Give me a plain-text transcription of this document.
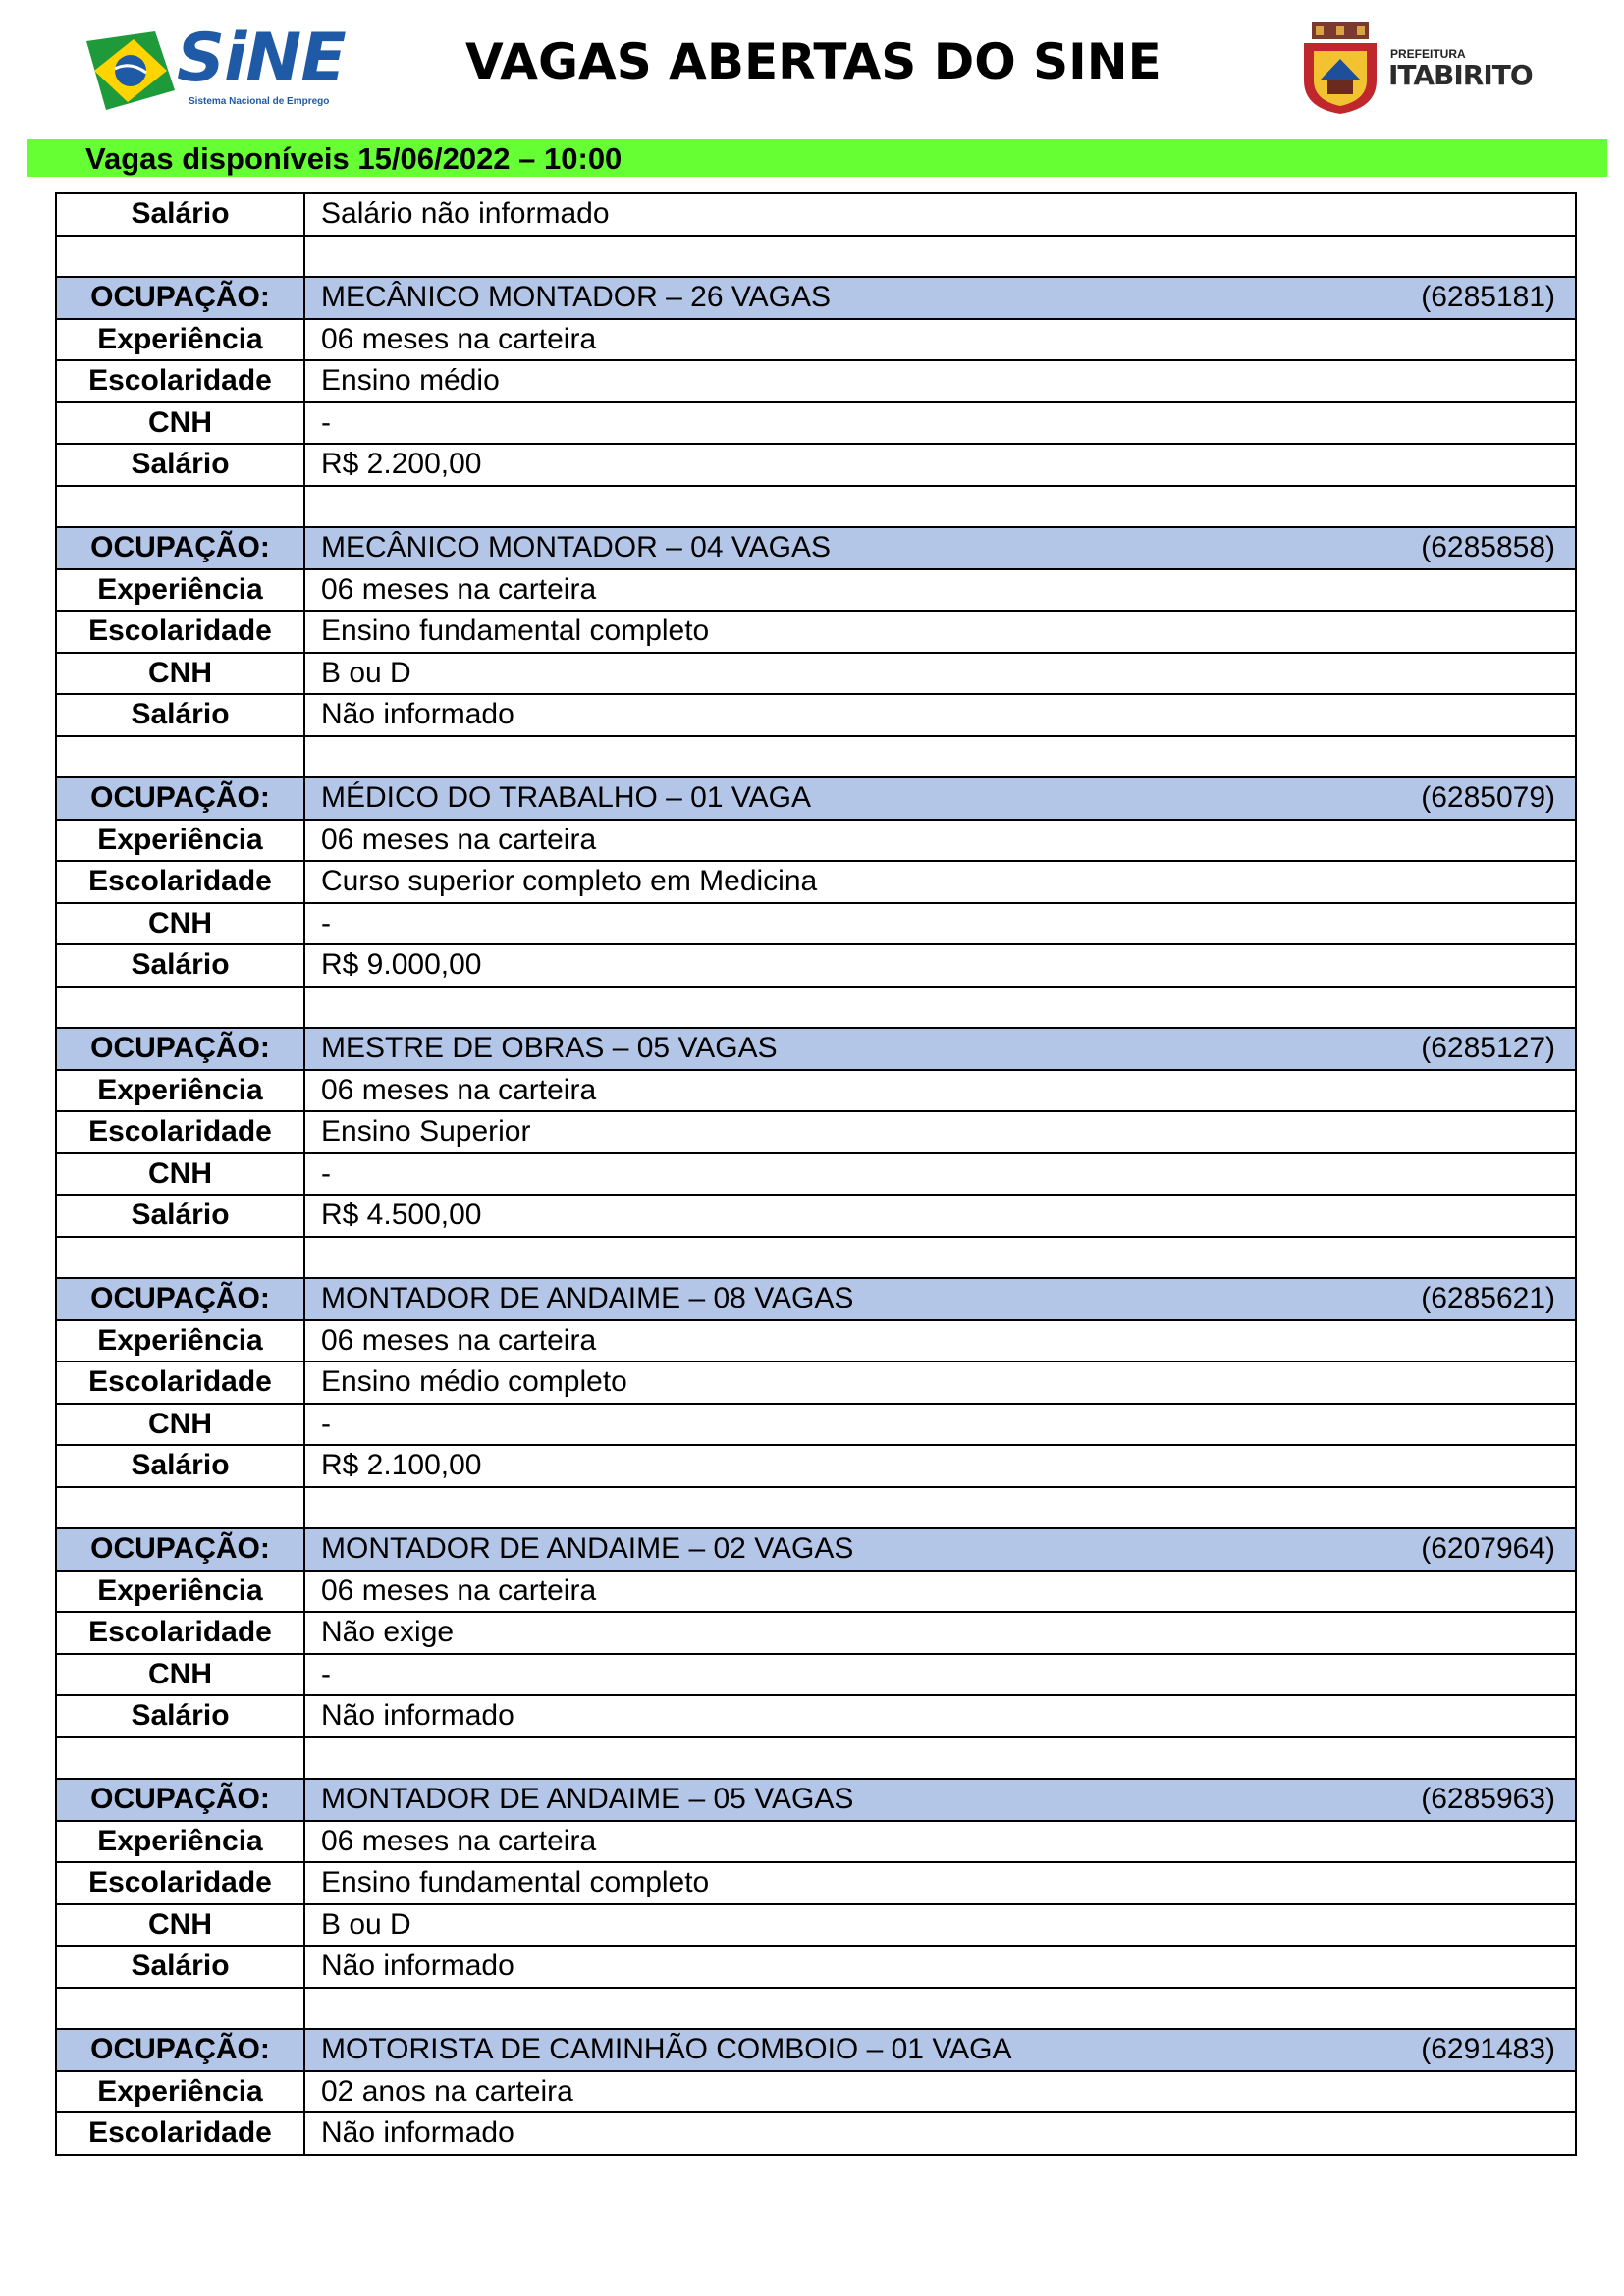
SiNE
Sistema Nacional de Emprego
VAGAS ABERTAS DO SINE	PREFEITURA
ITABIRITO
Vagas disponíveis 15/06/2022 – 10:00
Salário	Salário não informado

OCUPAÇÃO:	MECÂNICO MONTADOR – 26 VAGAS (6285181)

Experiência	06 meses na carteira
Escolaridade	Ensino médio
CNH	-
Salário	R$ 2.200,00

OCUPAÇÃO:	MECÂNICO MONTADOR – 04 VAGAS (6285858)

Experiência	06 meses na carteira
Escolaridade	Ensino fundamental completo
CNH	B ou D
Salário	Não informado

OCUPAÇÃO:	MÉDICO DO TRABALHO – 01 VAGA (6285079)

Experiência	06 meses na carteira
Escolaridade	Curso superior completo em Medicina
CNH	-
Salário	R$ 9.000,00

OCUPAÇÃO:	MESTRE DE OBRAS – 05 VAGAS (6285127)

Experiência	06 meses na carteira
Escolaridade	Ensino Superior
CNH	-
Salário	R$ 4.500,00

OCUPAÇÃO:	MONTADOR DE ANDAIME – 08 VAGAS (6285621)

Experiência	06 meses na carteira
Escolaridade	Ensino médio completo
CNH	-
Salário	R$ 2.100,00

OCUPAÇÃO:	MONTADOR DE ANDAIME – 02 VAGAS (6207964)

Experiência	06 meses na carteira
Escolaridade	Não exige
CNH	-
Salário	Não informado

OCUPAÇÃO:	MONTADOR DE ANDAIME – 05 VAGAS (6285963)

Experiência	06 meses na carteira
Escolaridade	Ensino fundamental completo
CNH	B ou D
Salário	Não informado

OCUPAÇÃO:	MOTORISTA DE CAMINHÃO COMBOIO – 01 VAGA (6291483)

Experiência	02 anos na carteira
Escolaridade	Não informado
